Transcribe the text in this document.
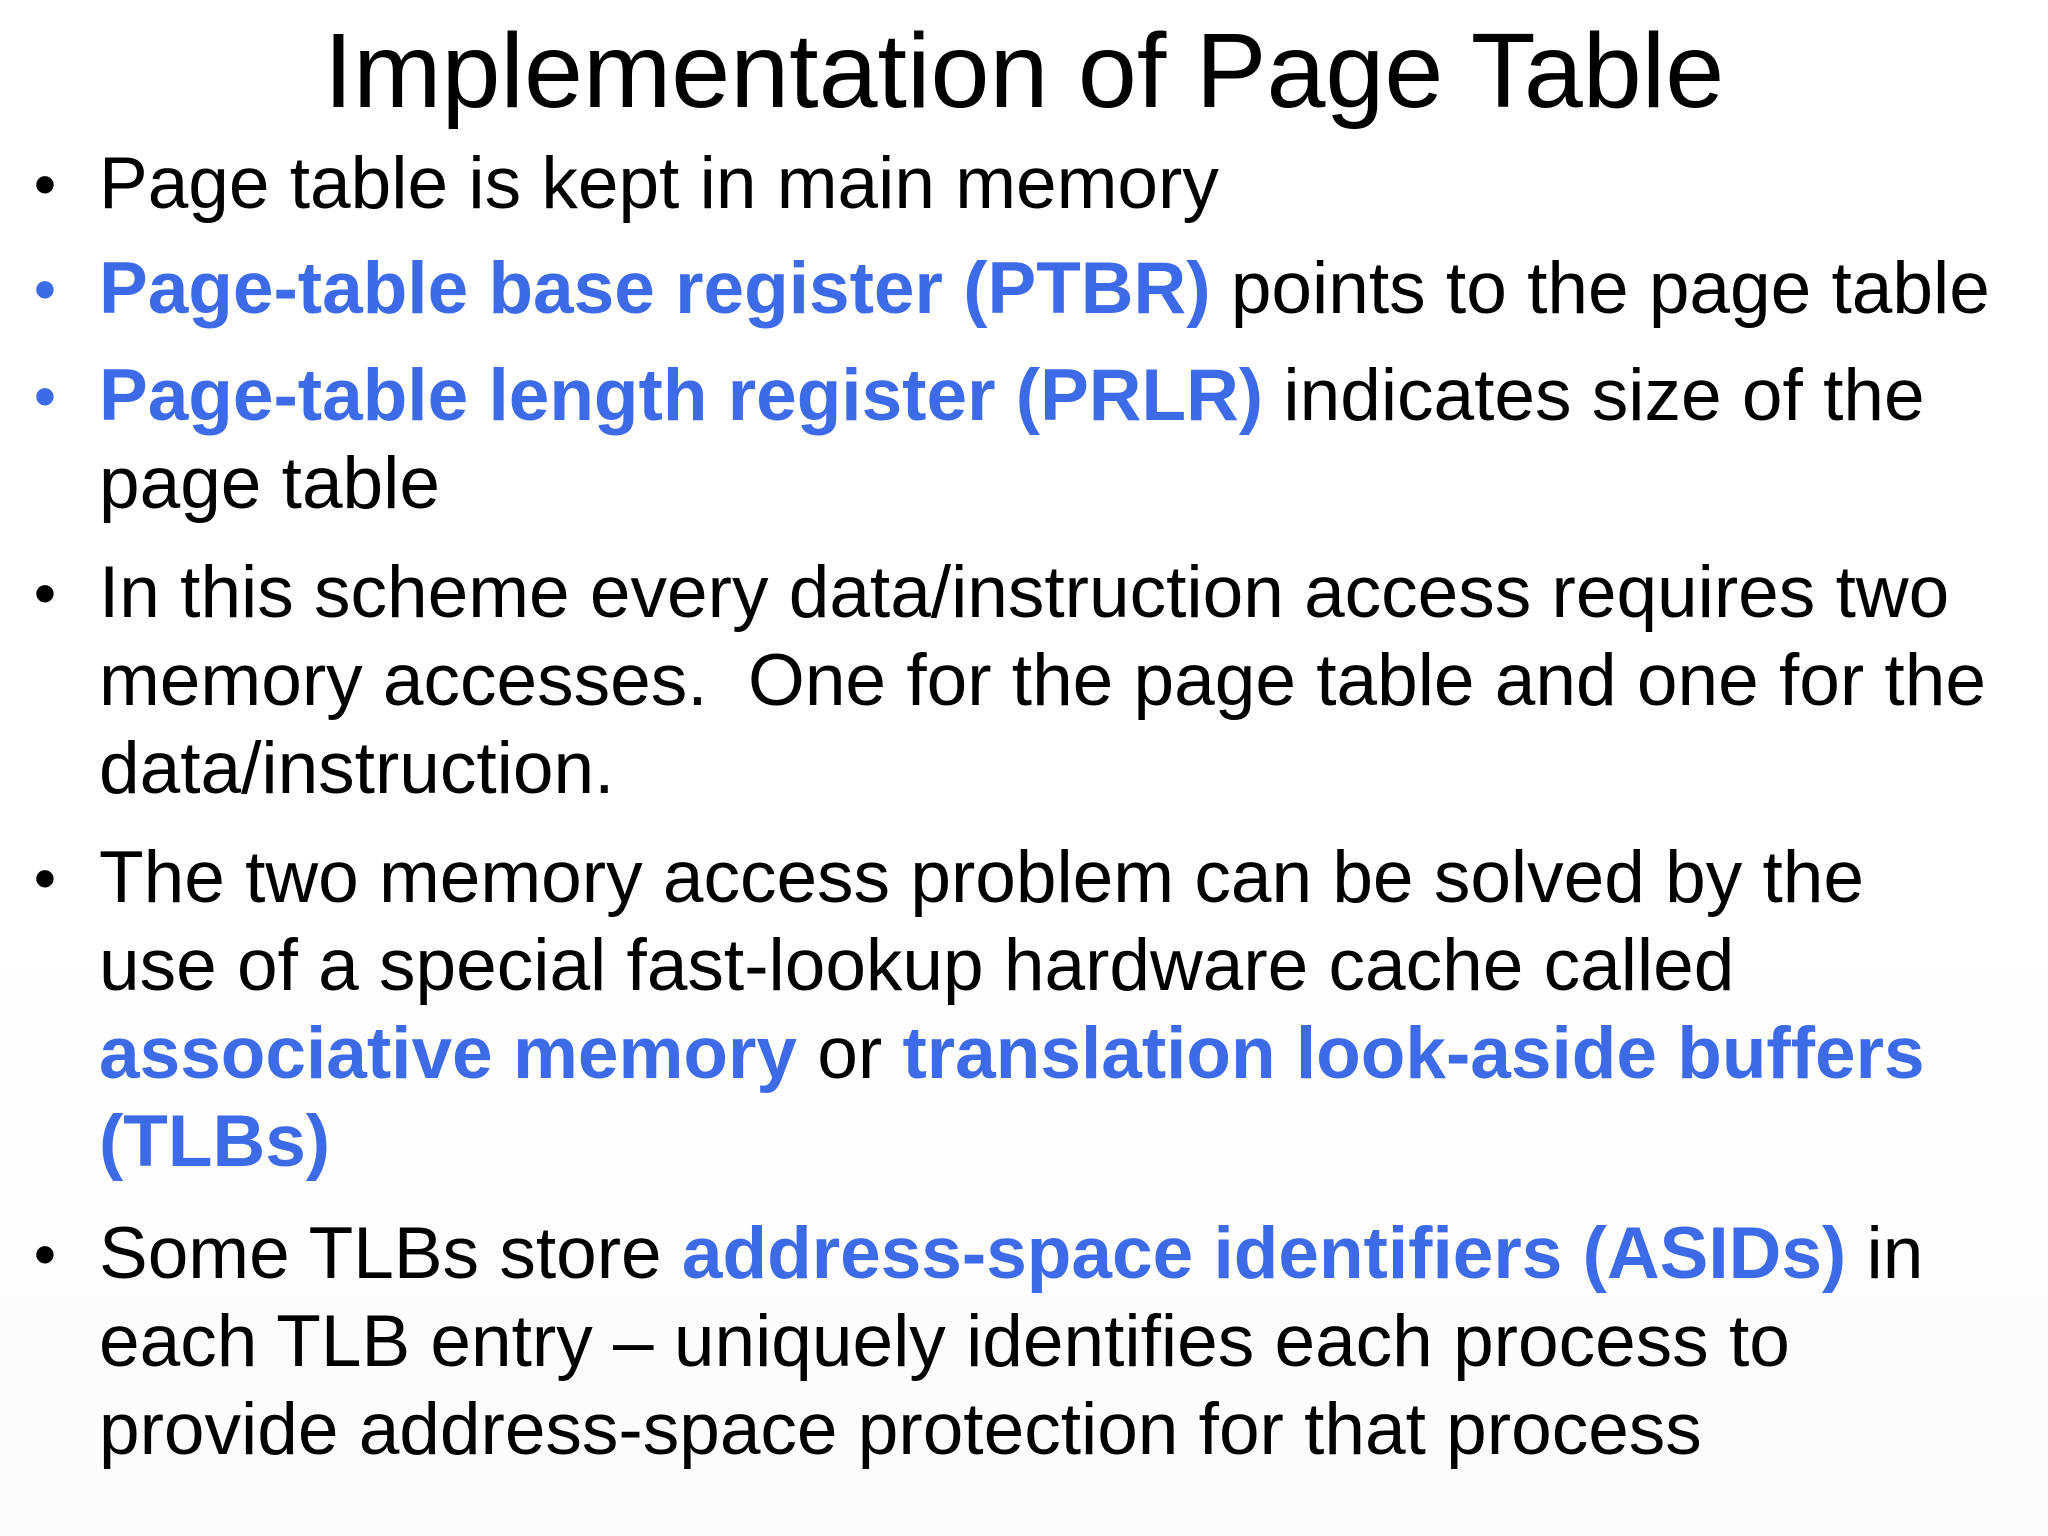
Implementation of Page Table
• Page table is kept in main memory
• Page-table base register (PTBR) points to the page table
• Page-table length register (PRLR) indicates size of the
page table
• In this scheme every data/instruction access requires two
memory accesses.  One for the page table and one for the
data/instruction.
• The two memory access problem can be solved by the
use of a special fast-lookup hardware cache called
associative memory or translation look-aside buffers
(TLBs)
• Some TLBs store address-space identifiers (ASIDs) in
each TLB entry – uniquely identifies each process to
provide address-space protection for that process
